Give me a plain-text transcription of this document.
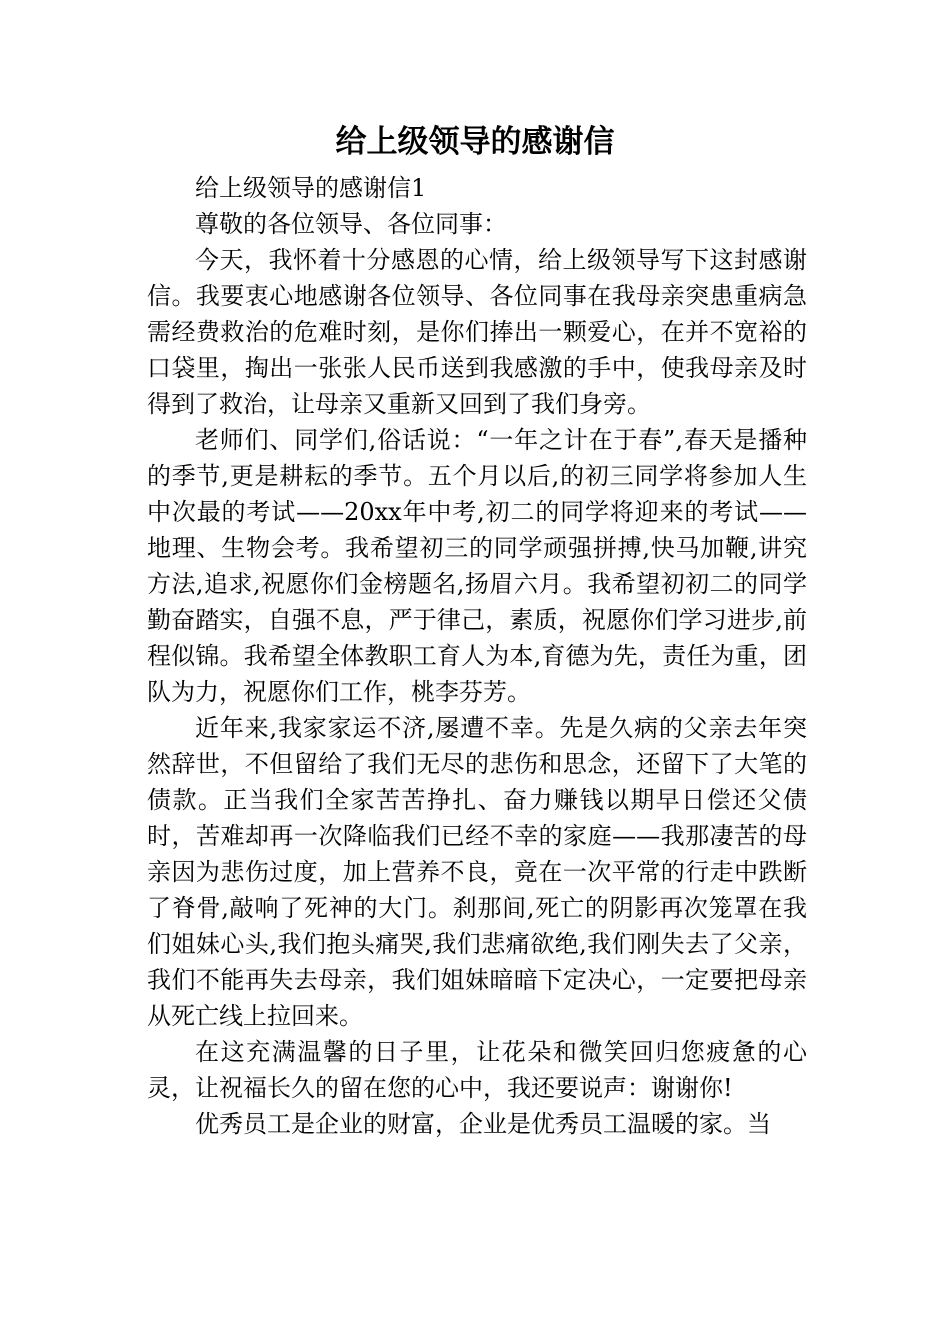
给上级领导的感谢信

给上级领导的感谢信1

尊敬的各位领导、各位同事：

今天，我怀着十分感恩的心情，给上级领导写下这封感谢信。我要衷心地感谢各位领导、各位同事在我母亲突患重病急需经费救治的危难时刻，是你们捧出一颗爱心，在并不宽裕的口袋里，掏出一张张人民币送到我感激的手中，使我母亲及时得到了救治，让母亲又重新又回到了我们身旁。

老师们、同学们,俗话说：“一年之计在于春”,春天是播种的季节,更是耕耘的季节。五个月以后,的初三同学将参加人生中次最的考试——20xx年中考,初二的同学将迎来的考试——地理、生物会考。我希望初三的同学顽强拼搏,快马加鞭,讲究方法,追求,祝愿你们金榜题名,扬眉六月。我希望初初二的同学勤奋踏实，自强不息，严于律己，素质，祝愿你们学习进步,前程似锦。我希望全体教职工育人为本,育德为先，责任为重，团队为力，祝愿你们工作，桃李芬芳。

近年来,我家家运不济,屡遭不幸。先是久病的父亲去年突然辞世，不但留给了我们无尽的悲伤和思念，还留下了大笔的债款。正当我们全家苦苦挣扎、奋力赚钱以期早日偿还父债时，苦难却再一次降临我们已经不幸的家庭——我那凄苦的母亲因为悲伤过度，加上营养不良，竟在一次平常的行走中跌断了脊骨,敲响了死神的大门。刹那间,死亡的阴影再次笼罩在我们姐妹心头,我们抱头痛哭,我们悲痛欲绝,我们刚失去了父亲，我们不能再失去母亲，我们姐妹暗暗下定决心，一定要把母亲从死亡线上拉回来。

在这充满温馨的日子里，让花朵和微笑回归您疲惫的心灵，让祝福长久的留在您的心中，我还要说声：谢谢你!

优秀员工是企业的财富，企业是优秀员工温暖的家。当
